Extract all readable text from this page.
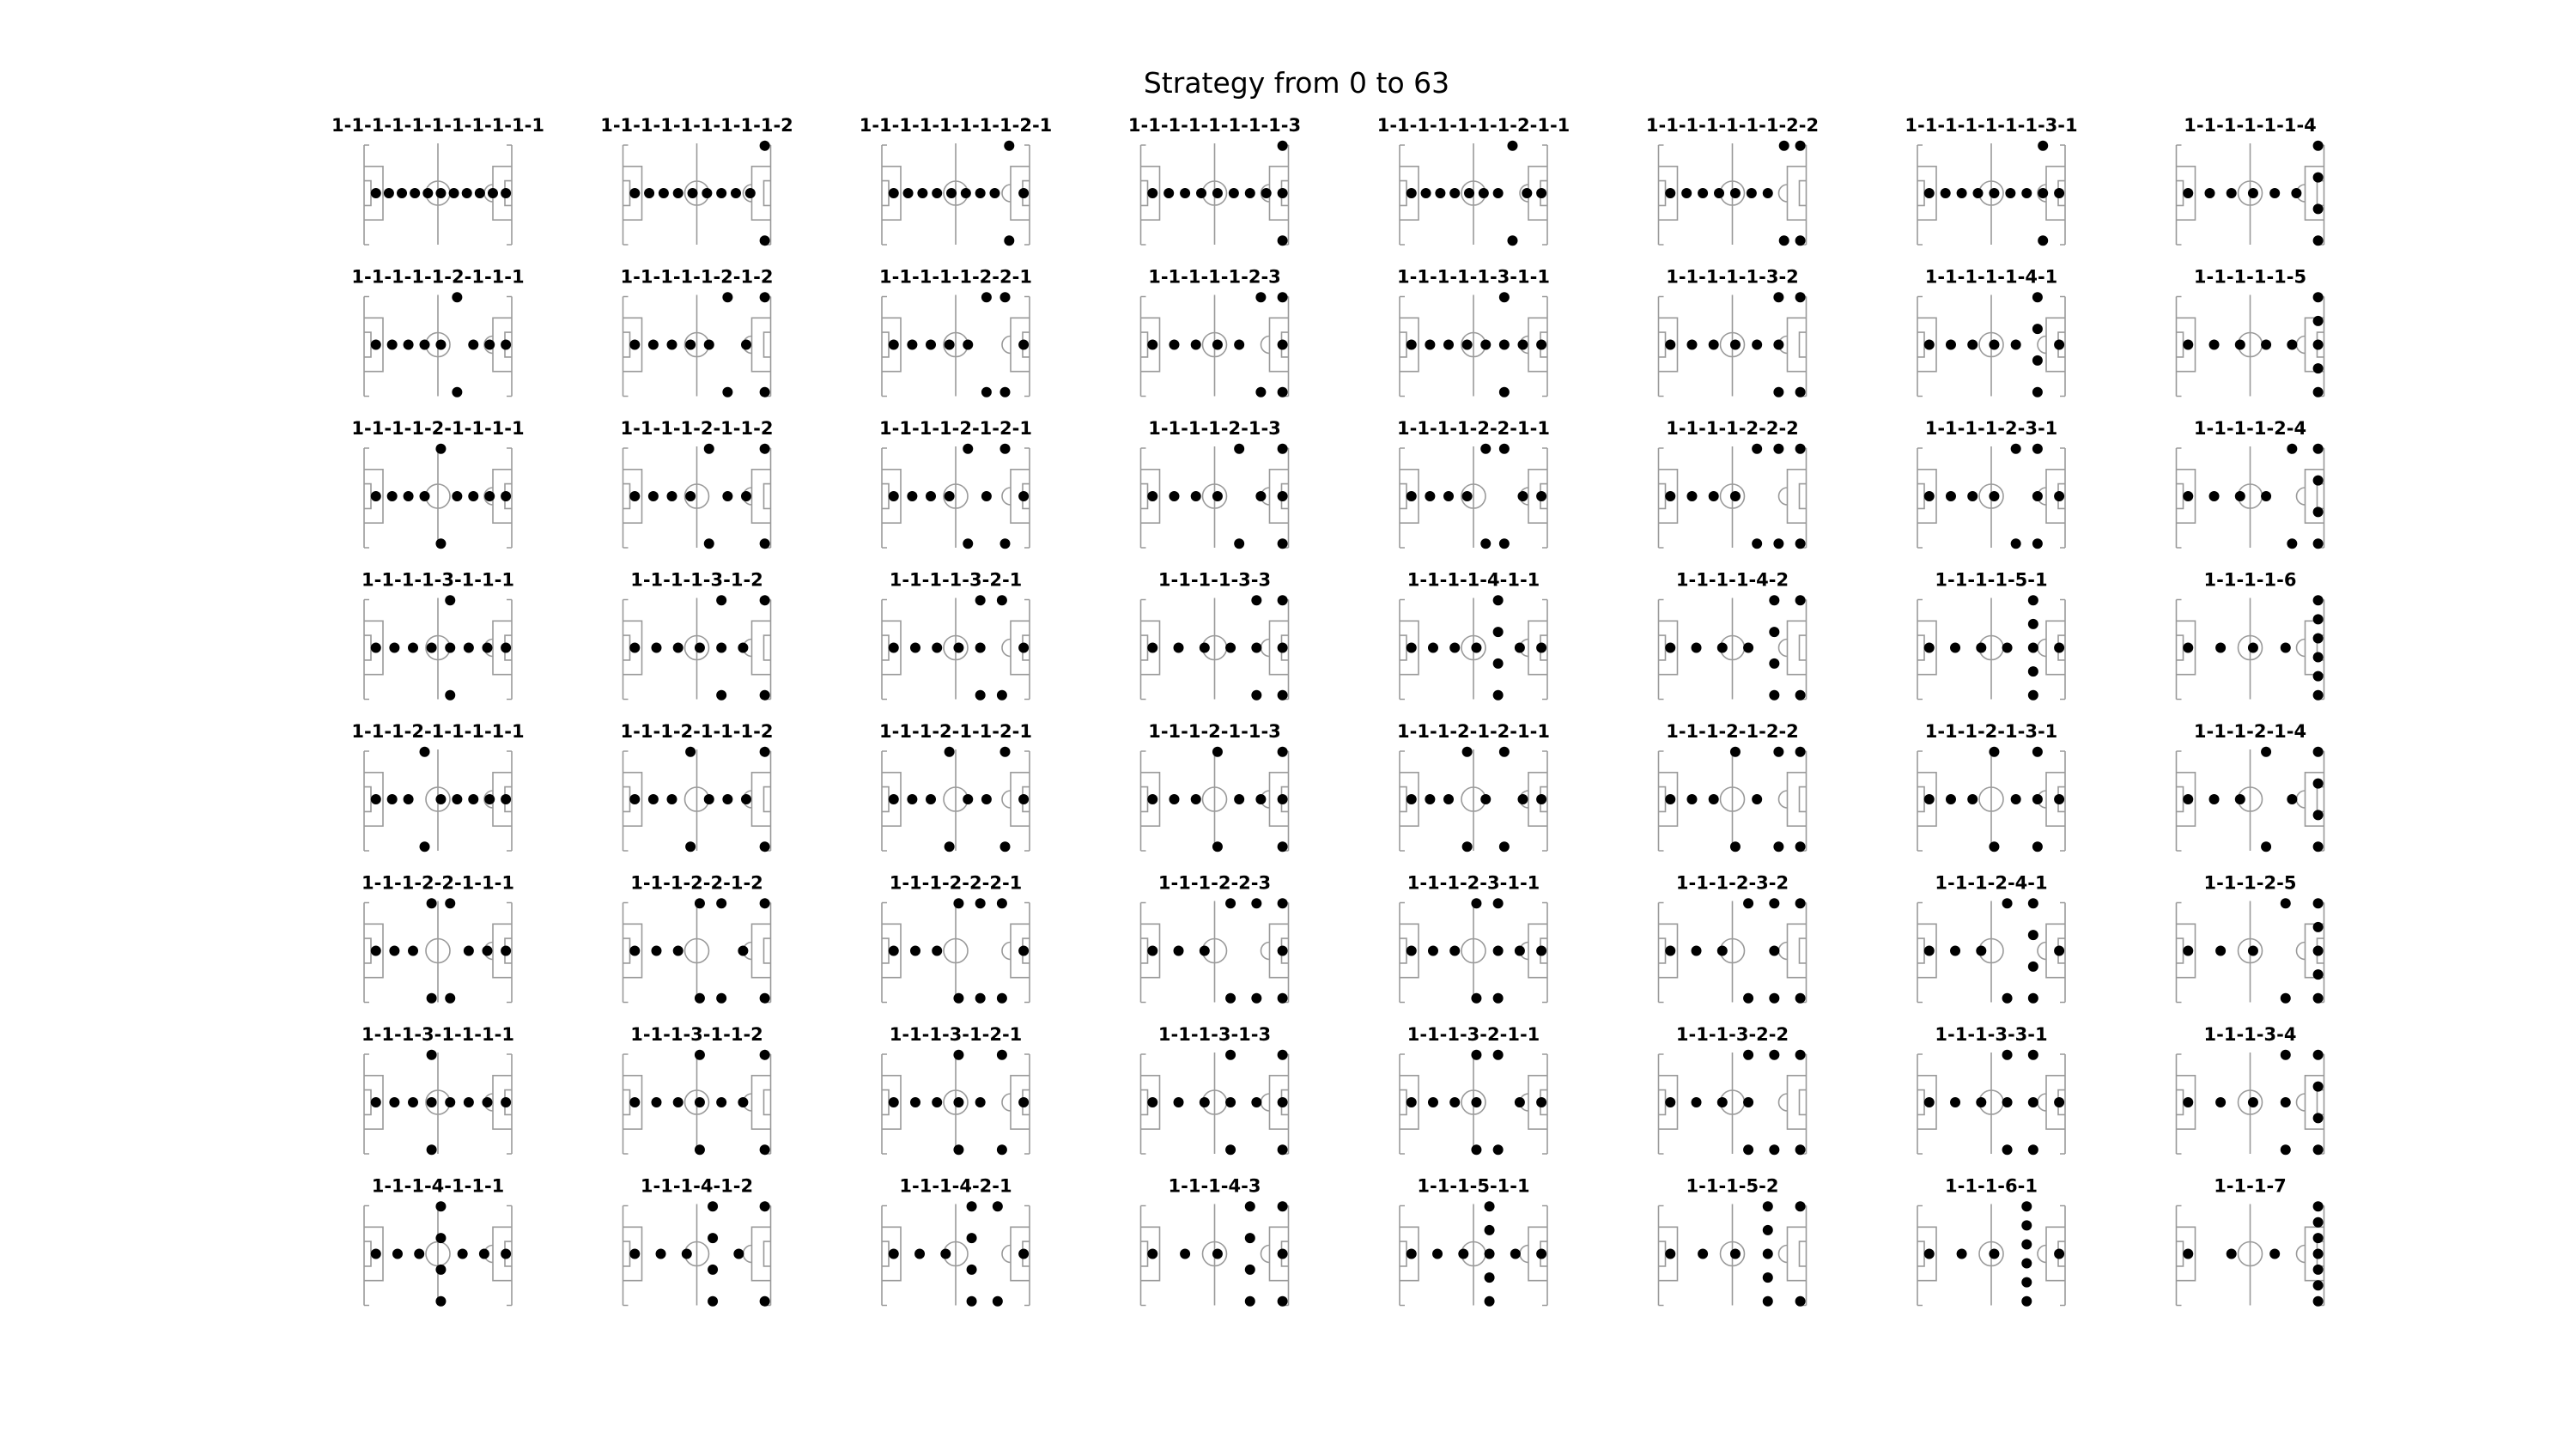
Strategy from 0 to 63
1-1-1-1-1-1-1-1-1-1-1	1-1-1-1-1-1-1-1-1-2	1-1-1-1-1-1-1-1-2-1	1-1-1-1-1-1-1-1-3	1-1-1-1-1-1-1-2-1-1	1-1-1-1-1-1-1-2-2	1-1-1-1-1-1-1-3-1	1-1-1-1-1-1-4
1-1-1-1-1-2-1-1-1	1-1-1-1-1-2-1-2	1-1-1-1-1-2-2-1	1-1-1-1-1-2-3	1-1-1-1-1-3-1-1	1-1-1-1-1-3-2	1-1-1-1-1-4-1	1-1-1-1-1-5
1-1-1-1-2-1-1-1-1	1-1-1-1-2-1-1-2	1-1-1-1-2-1-2-1	1-1-1-1-2-1-3	1-1-1-1-2-2-1-1	1-1-1-1-2-2-2	1-1-1-1-2-3-1	1-1-1-1-2-4
1-1-1-1-3-1-1-1	1-1-1-1-3-1-2	1-1-1-1-3-2-1	1-1-1-1-3-3	1-1-1-1-4-1-1	1-1-1-1-4-2	1-1-1-1-5-1	1-1-1-1-6
1-1-1-2-1-1-1-1-1	1-1-1-2-1-1-1-2	1-1-1-2-1-1-2-1	1-1-1-2-1-1-3	1-1-1-2-1-2-1-1	1-1-1-2-1-2-2	1-1-1-2-1-3-1	1-1-1-2-1-4
1-1-1-2-2-1-1-1	1-1-1-2-2-1-2	1-1-1-2-2-2-1	1-1-1-2-2-3	1-1-1-2-3-1-1	1-1-1-2-3-2	1-1-1-2-4-1	1-1-1-2-5
1-1-1-3-1-1-1-1	1-1-1-3-1-1-2	1-1-1-3-1-2-1	1-1-1-3-1-3	1-1-1-3-2-1-1	1-1-1-3-2-2	1-1-1-3-3-1	1-1-1-3-4
1-1-1-4-1-1-1	1-1-1-4-1-2	1-1-1-4-2-1	1-1-1-4-3	1-1-1-5-1-1	1-1-1-5-2	1-1-1-6-1	1-1-1-7
